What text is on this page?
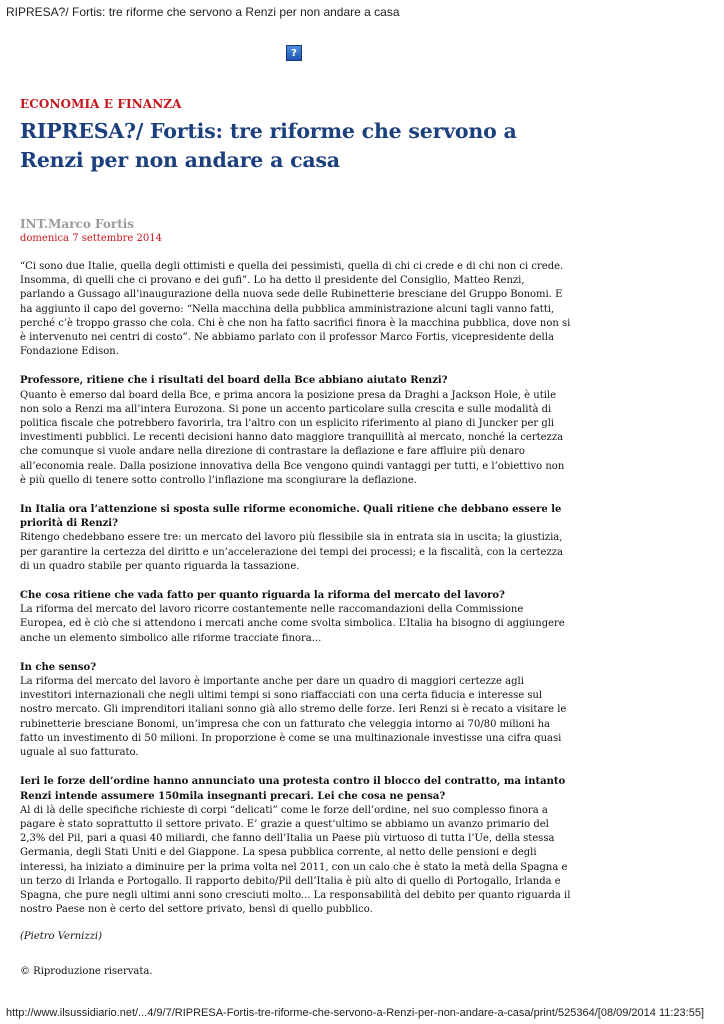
RIPRESA?/ Fortis: tre riforme che servono a Renzi per non andare a casa
?

ECONOMIA E FINANZA

RIPRESA?/ Fortis: tre riforme che servono a Renzi per non andare a casa
INT.Marco Fortis
domenica 7 settembre 2014

“Ci sono due Italie, quella degli ottimisti e quella dei pessimisti, quella di chi ci crede e di chi non ci crede. Insomma, di quelli che ci provano e dei gufi”. Lo ha detto il presidente del Consiglio, Matteo Renzi, parlando a Gussago all’inaugurazione della nuova sede delle Rubinetterie bresciane del Gruppo Bonomi. E ha aggiunto il capo del governo: “Nella macchina della pubblica amministrazione alcuni tagli vanno fatti, perché c’è troppo grasso che cola. Chi è che non ha fatto sacrifici finora è la macchina pubblica, dove non si è intervenuto nei centri di costo”. Ne abbiamo parlato con il professor Marco Fortis, vicepresidente della Fondazione Edison.

Professore, ritiene che i risultati del board della Bce abbiano aiutato Renzi?

Quanto è emerso dal board della Bce, e prima ancora la posizione presa da Draghi a Jackson Hole, è utile non solo a Renzi ma all’intera Eurozona. Si pone un accento particolare sulla crescita e sulle modalità di politica fiscale che potrebbero favorirla, tra l’altro con un esplicito riferimento al piano di Juncker per gli investimenti pubblici. Le recenti decisioni hanno dato maggiore tranquillità al mercato, nonché la certezza che comunque si vuole andare nella direzione di contrastare la deflazione e fare affluire più denaro all’economia reale. Dalla posizione innovativa della Bce vengono quindi vantaggi per tutti, e l’obiettivo non è più quello di tenere sotto controllo l’inflazione ma scongiurare la deflazione.

In Italia ora l’attenzione si sposta sulle riforme economiche. Quali ritiene che debbano essere le priorità di Renzi?

Ritengo chedebbano essere tre: un mercato del lavoro più flessibile sia in entrata sia in uscita; la giustizia, per garantire la certezza del diritto e un’accelerazione dei tempi dei processi; e la fiscalità, con la certezza di un quadro stabile per quanto riguarda la tassazione.

Che cosa ritiene che vada fatto per quanto riguarda la riforma del mercato del lavoro?

La riforma del mercato del lavoro ricorre costantemente nelle raccomandazioni della Commissione Europea, ed è ciò che si attendono i mercati anche come svolta simbolica. L’Italia ha bisogno di aggiungere anche un elemento simbolico alle riforme tracciate finora...

In che senso?

La riforma del mercato del lavoro è importante anche per dare un quadro di maggiori certezze agli investitori internazionali che negli ultimi tempi si sono riaffacciati con una certa fiducia e interesse sul nostro mercato. Gli imprenditori italiani sonno già allo stremo delle forze. Ieri Renzi si è recato a visitare le rubinetterie bresciane Bonomi, un’impresa che con un fatturato che veleggia intorno ai 70/80 milioni ha fatto un investimento di 50 milioni. In proporzione è come se una multinazionale investisse una cifra quasi uguale al suo fatturato.

Ieri le forze dell’ordine hanno annunciato una protesta contro il blocco del contratto, ma intanto Renzi intende assumere 150mila insegnanti precari. Lei che cosa ne pensa?

Al di là delle specifiche richieste di corpi “delicati” come le forze dell’ordine, nel suo complesso finora a pagare è stato soprattutto il settore privato. E’ grazie a quest’ultimo se abbiamo un avanzo primario del 2,3% del Pil, pari a quasi 40 miliardi, che fanno dell’Italia un Paese più virtuoso di tutta l’Ue, della stessa Germania, degli Stati Uniti e del Giappone. La spesa pubblica corrente, al netto delle pensioni e degli interessi, ha iniziato a diminuire per la prima volta nel 2011, con un calo che è stato la metà della Spagna e un terzo di Irlanda e Portogallo. Il rapporto debito/Pil dell’Italia è più alto di quello di Portogallo, Irlanda e Spagna, che pure negli ultimi anni sono cresciuti molto... La responsabilità del debito per quanto riguarda il nostro Paese non è certo del settore privato, bensì di quello pubblico.

(Pietro Vernizzi)
© Riproduzione riservata.
http://www.ilsussidiario.net/...4/9/7/RIPRESA-Fortis-tre-riforme-che-servono-a-Renzi-per-non-andare-a-casa/print/525364/[08/09/2014 11:23:55]
